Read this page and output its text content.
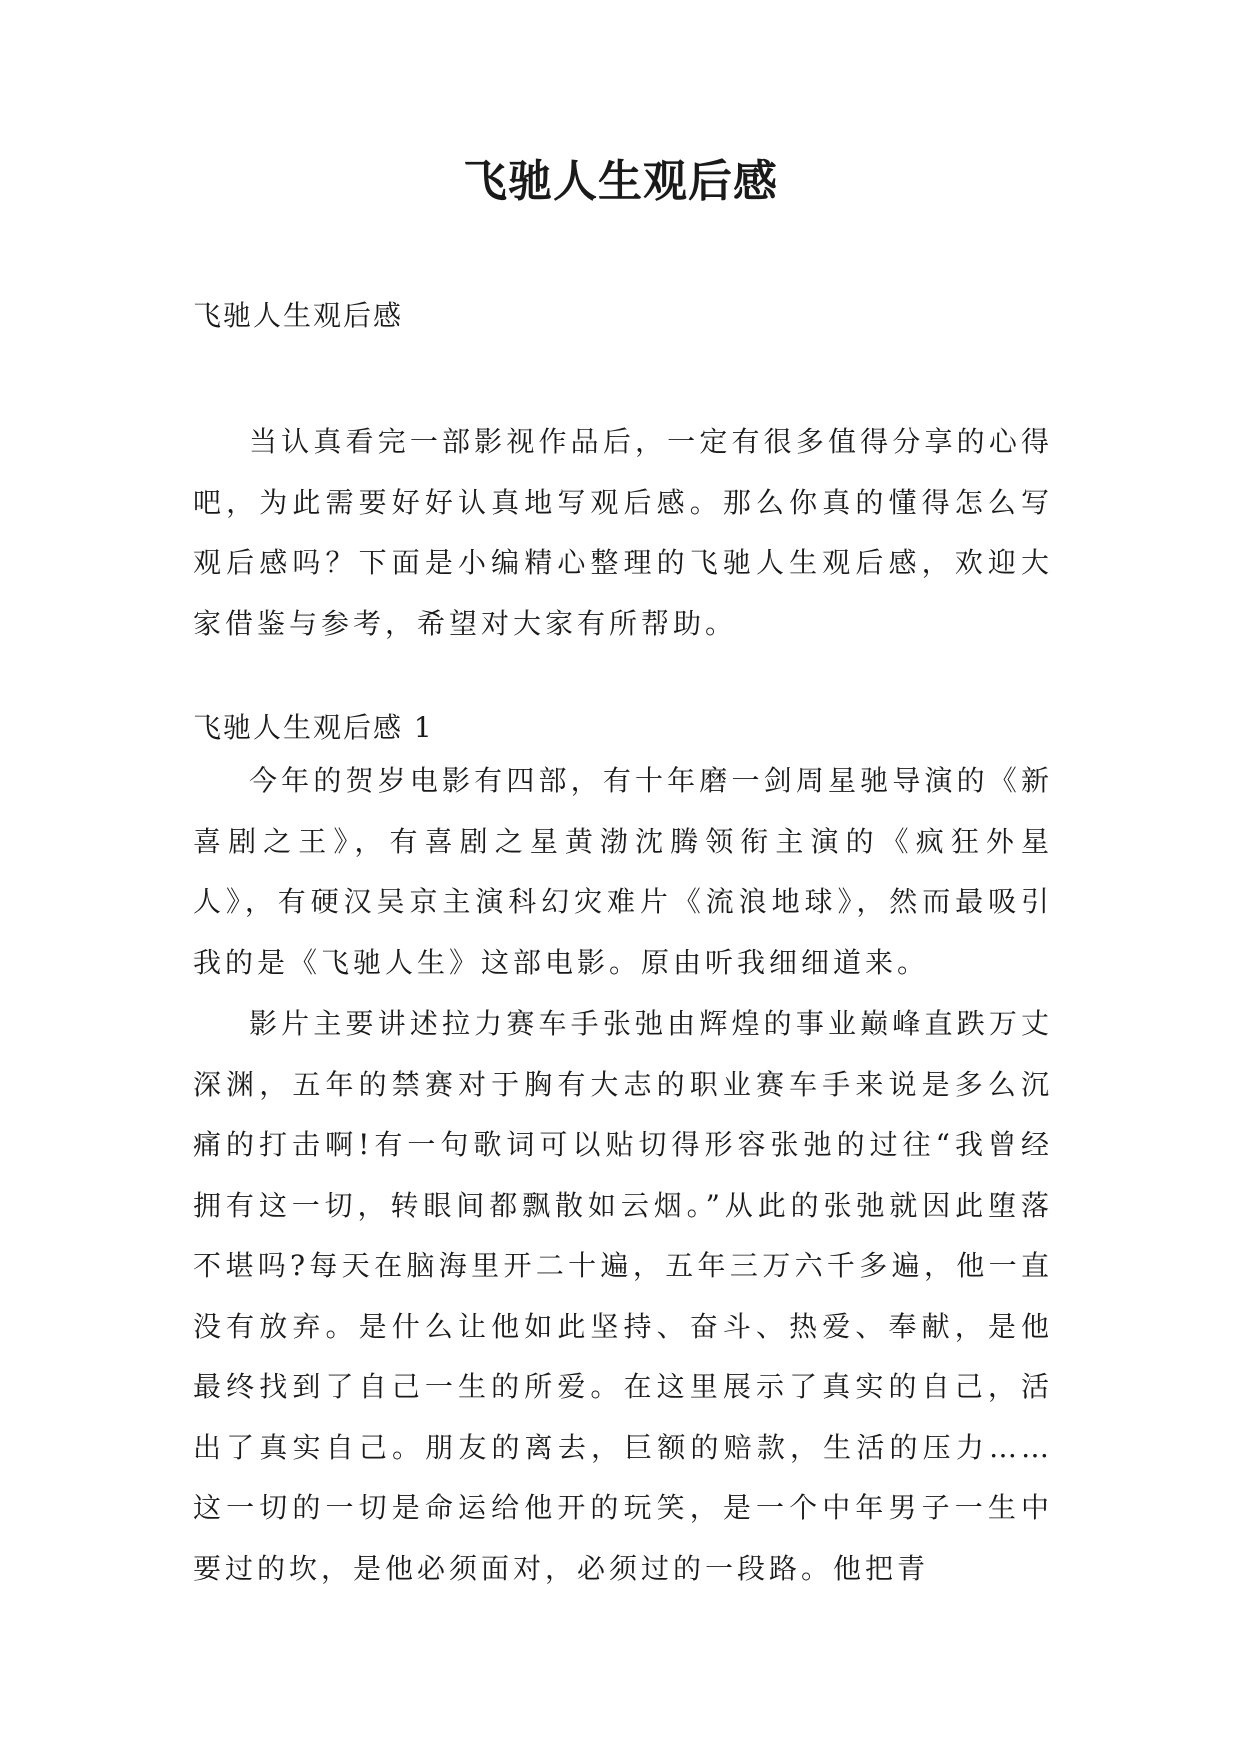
飞驰人生观后感
飞驰人生观后感

当认真看完一部影视作品后，一定有很多值得分享的心得吧，为此需要好好认真地写观后感。那么你真的懂得怎么写观后感吗？下面是小编精心整理的飞驰人生观后感，欢迎大家借鉴与参考，希望对大家有所帮助。

飞驰人生观后感 1

今年的贺岁电影有四部，有十年磨一剑周星驰导演的《新喜剧之王》，有喜剧之星黄渤沈腾领衔主演的《疯狂外星人》，有硬汉吴京主演科幻灾难片《流浪地球》，然而最吸引我的是《飞驰人生》这部电影。原由听我细细道来。

影片主要讲述拉力赛车手张弛由辉煌的事业巅峰直跌万丈深渊，五年的禁赛对于胸有大志的职业赛车手来说是多么沉痛的打击啊!有一句歌词可以贴切得形容张弛的过往“我曾经拥有这一切，转眼间都飘散如云烟。”从此的张弛就因此堕落不堪吗?每天在脑海里开二十遍，五年三万六千多遍，他一直没有放弃。是什么让他如此坚持、奋斗、热爱、奉献，是他最终找到了自己一生的所爱。在这里展示了真实的自己，活出了真实自己。朋友的离去，巨额的赔款，生活的压力……这一切的一切是命运给他开的玩笑，是一个中年男子一生中要过的坎，是他必须面对，必须过的一段路。他把青
